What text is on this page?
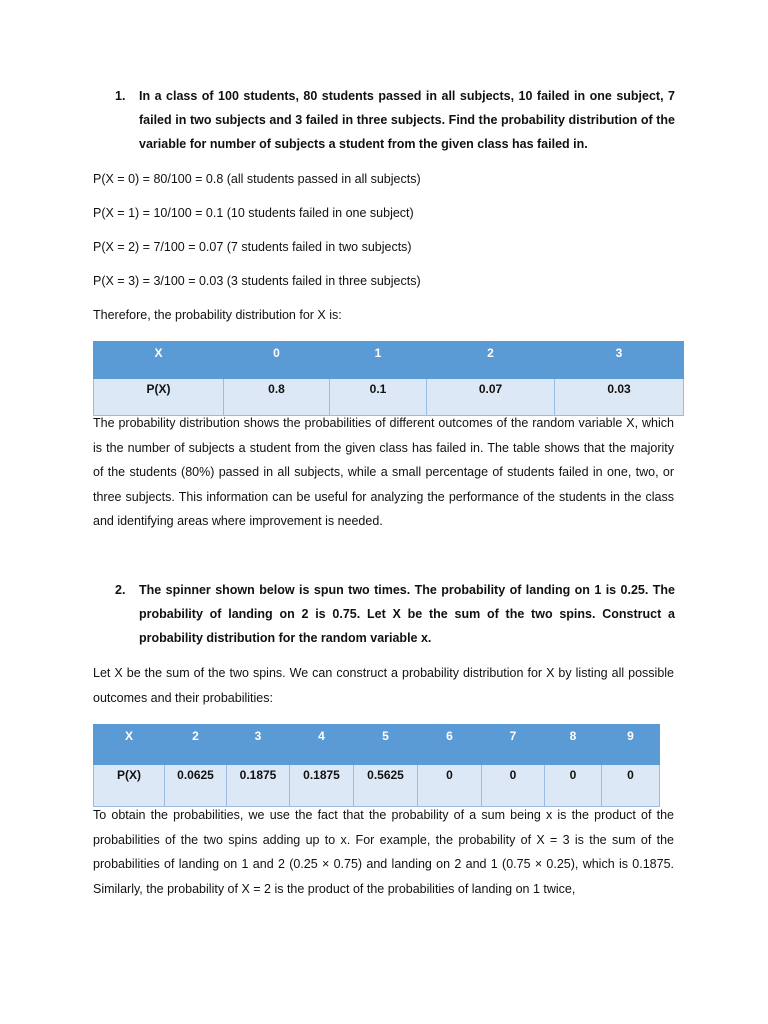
1.	In a class of 100 students, 80 students passed in all subjects, 10 failed in one subject, 7 failed in two subjects and 3 failed in three subjects. Find the probability distribution of the variable for number of subjects a student from the given class has failed in.
P(X = 0) = 80/100 = 0.8 (all students passed in all subjects)
P(X = 1) = 10/100 = 0.1 (10 students failed in one subject)
P(X = 2) = 7/100 = 0.07 (7 students failed in two subjects)
P(X = 3) = 3/100 = 0.03 (3 students failed in three subjects)
Therefore, the probability distribution for X is:
X	0	1	2	3
P(X)	0.8	0.1	0.07	0.03
The probability distribution shows the probabilities of different outcomes of the random variable X, which is the number of subjects a student from the given class has failed in. The table shows that the majority of the students (80%) passed in all subjects, while a small percentage of students failed in one, two, or three subjects. This information can be useful for analyzing the performance of the students in the class and identifying areas where improvement is needed.
2.	The spinner shown below is spun two times. The probability of landing on 1 is 0.25. The probability of landing on 2 is 0.75. Let X be the sum of the two spins. Construct a probability distribution for the random variable x.
Let X be the sum of the two spins. We can construct a probability distribution for X by listing all possible outcomes and their probabilities:
X	2	3	4	5	6	7	8	9
P(X)	0.0625	0.1875	0.1875	0.5625	0	0	0	0
To obtain the probabilities, we use the fact that the probability of a sum being x is the product of the probabilities of the two spins adding up to x. For example, the probability of X = 3 is the sum of the probabilities of landing on 1 and 2 (0.25 × 0.75) and landing on 2 and 1 (0.75 × 0.25), which is 0.1875. Similarly, the probability of X = 2 is the product of the probabilities of landing on 1 twice,
